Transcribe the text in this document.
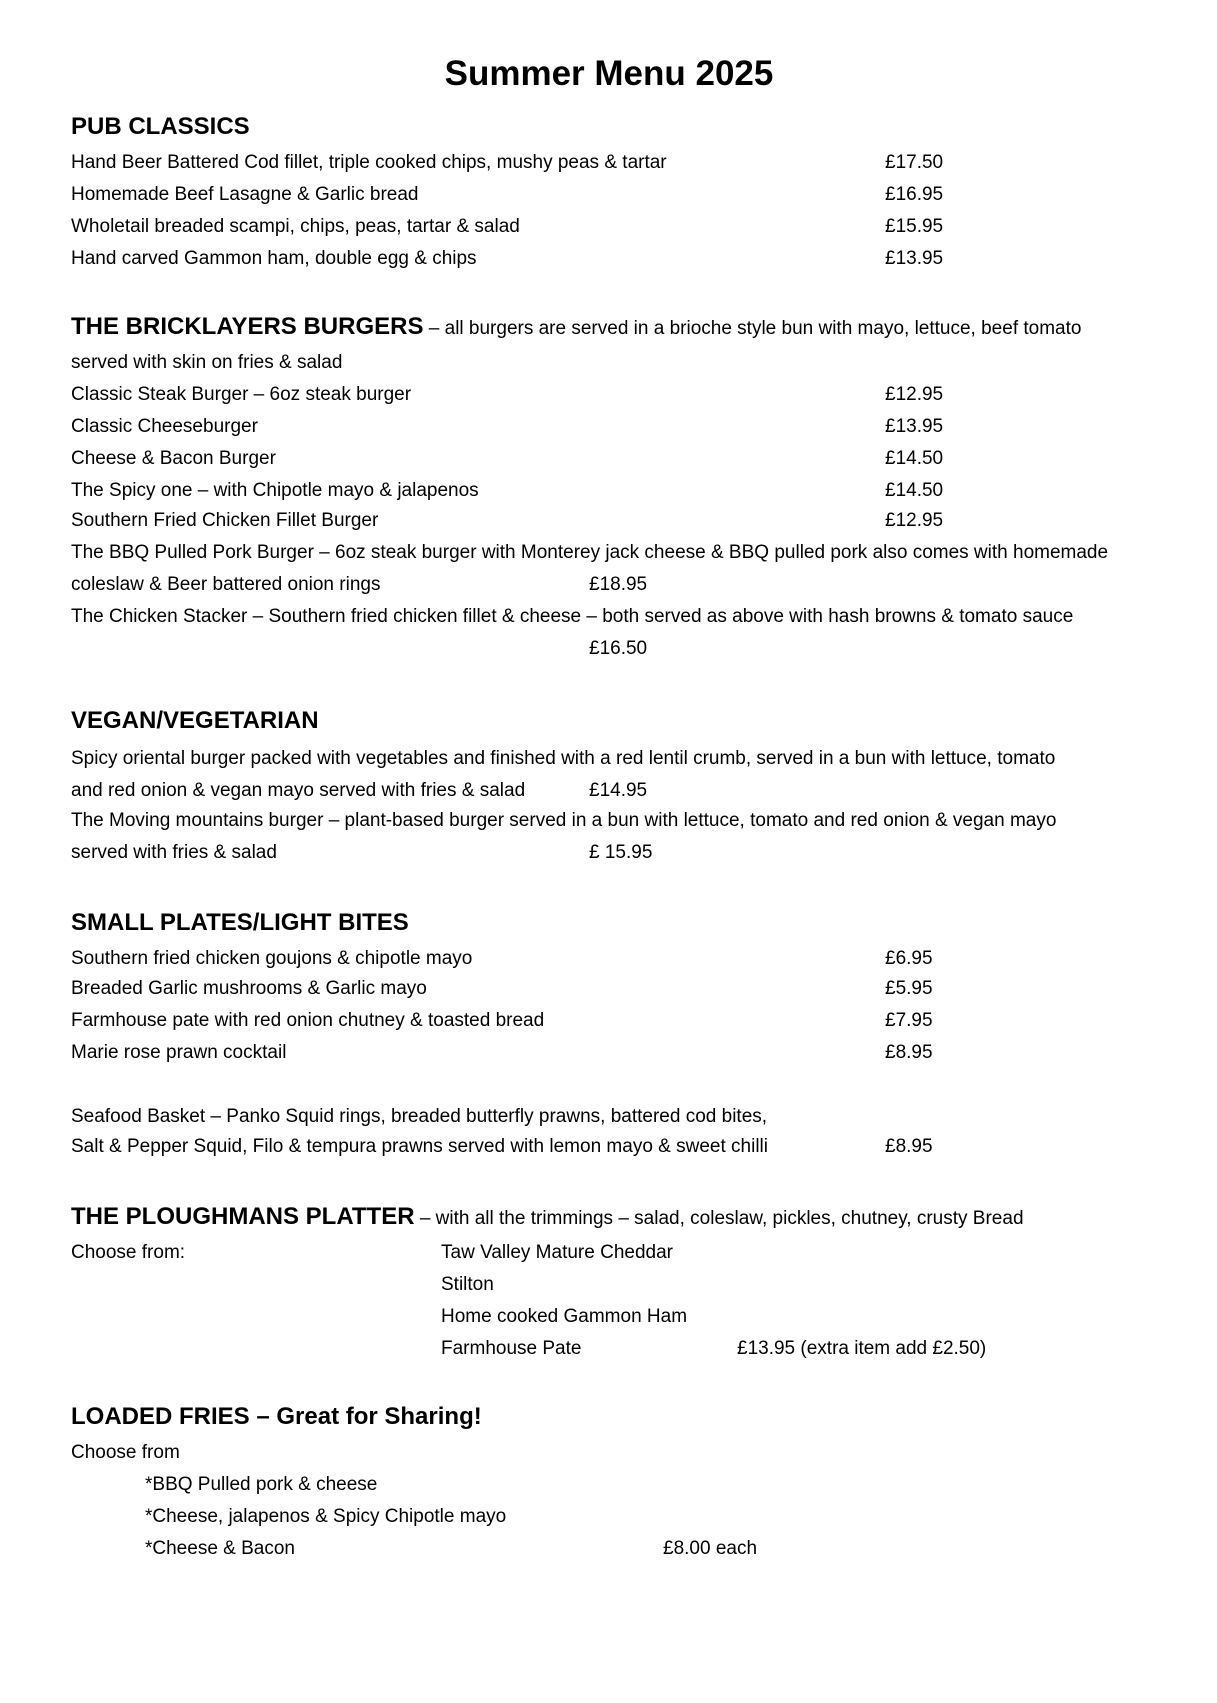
Summer Menu 2025
PUB CLASSICS
Hand Beer Battered Cod fillet, triple cooked chips, mushy peas & tartar	£17.50
Homemade Beef Lasagne & Garlic bread	£16.95
Wholetail breaded scampi, chips, peas, tartar & salad	£15.95
Hand carved Gammon ham, double egg & chips	£13.95
THE BRICKLAYERS BURGERS – all burgers are served in a brioche style bun with mayo, lettuce, beef tomato
served with skin on fries & salad
Classic Steak Burger – 6oz steak burger	£12.95
Classic Cheeseburger	£13.95
Cheese & Bacon Burger	£14.50
The Spicy one – with Chipotle mayo & jalapenos	£14.50
Southern Fried Chicken Fillet Burger	£12.95
The BBQ Pulled Pork Burger – 6oz steak burger with Monterey jack cheese & BBQ pulled pork also comes with homemade
coleslaw & Beer battered onion rings	£18.95
The Chicken Stacker – Southern fried chicken fillet & cheese – both served as above with hash browns & tomato sauce
£16.50
VEGAN/VEGETARIAN
Spicy oriental burger packed with vegetables and finished with a red lentil crumb, served in a bun with lettuce, tomato
and red onion & vegan mayo served with fries & salad	£14.95
The Moving mountains burger – plant-based burger served in a bun with lettuce, tomato and red onion & vegan mayo
served with fries & salad	£ 15.95
SMALL PLATES/LIGHT BITES
Southern fried chicken goujons & chipotle mayo	£6.95
Breaded Garlic mushrooms & Garlic mayo	£5.95
Farmhouse pate with red onion chutney & toasted bread	£7.95
Marie rose prawn cocktail	£8.95
Seafood Basket – Panko Squid rings, breaded butterfly prawns, battered cod bites,
Salt & Pepper Squid, Filo & tempura prawns served with lemon mayo & sweet chilli	£8.95
THE PLOUGHMANS PLATTER – with all the trimmings – salad, coleslaw, pickles, chutney, crusty Bread
Choose from:	Taw Valley Mature Cheddar
Stilton
Home cooked Gammon Ham
Farmhouse Pate	£13.95 (extra item add £2.50)
LOADED FRIES – Great for Sharing!
Choose from
*BBQ Pulled pork & cheese
*Cheese, jalapenos & Spicy Chipotle mayo
*Cheese & Bacon	£8.00 each
